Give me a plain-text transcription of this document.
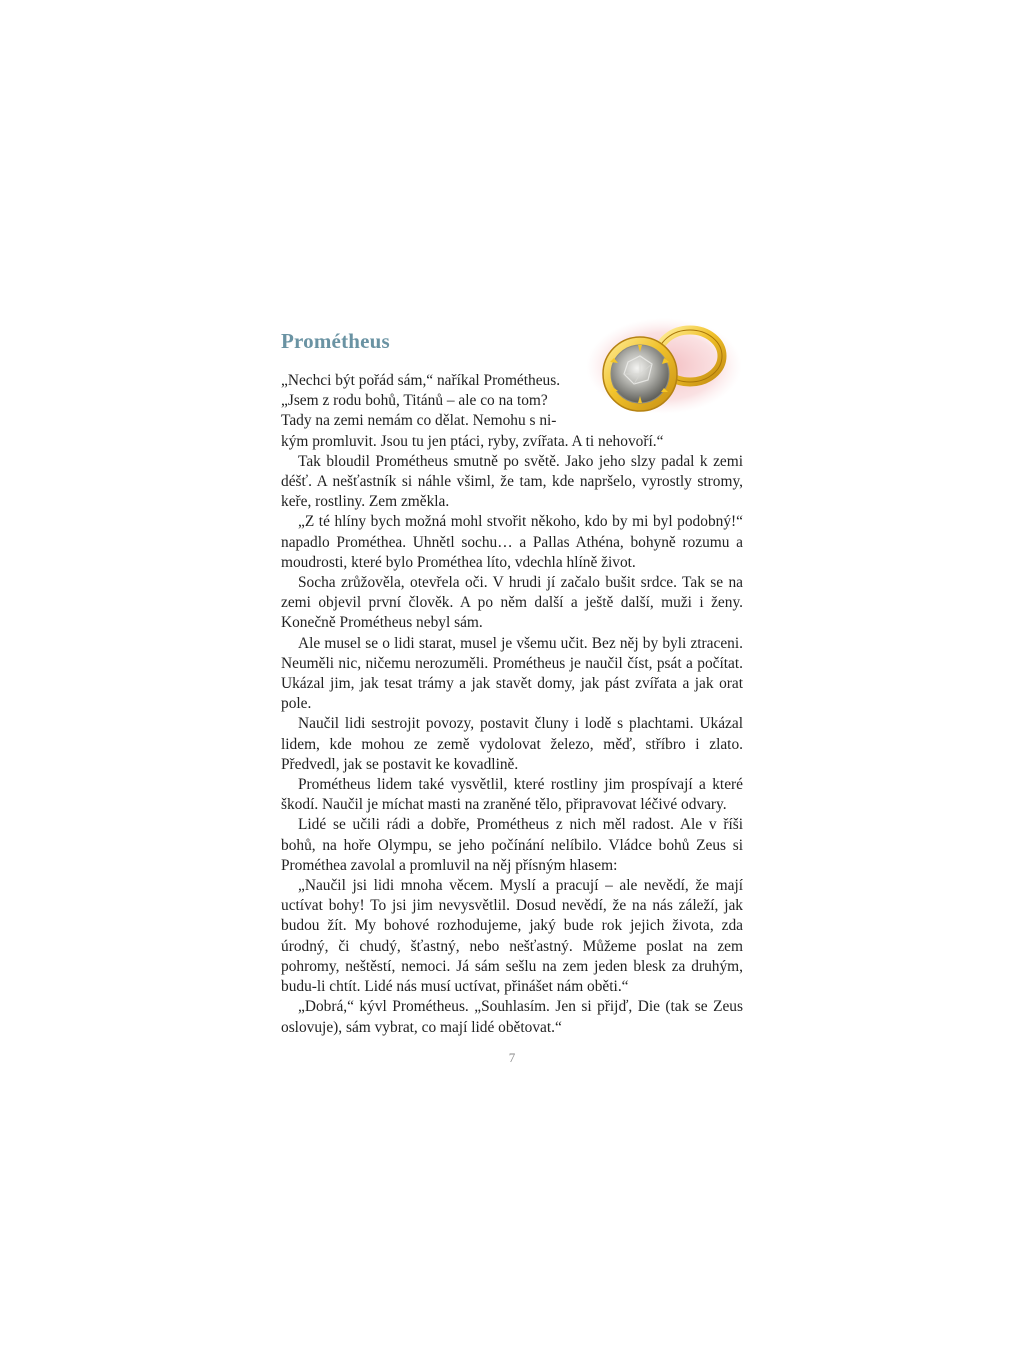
Prométheus

„Nechci být pořád sám,“ naříkal Prométheus.
„Jsem z rodu bohů, Titánů – ale co na tom?
Tady na zemi nemám co dělat. Nemohu s ni-
kým promluvit. Jsou tu jen ptáci, ryby, zvířata. A ti nehovoří.“

Tak bloudil Prométheus smutně po světě. Jako jeho slzy padal k zemi déšť. A nešťastník si náhle všiml, že tam, kde napršelo, vyrostly stromy, keře, rostliny. Zem změkla.

„Z té hlíny bych možná mohl stvořit někoho, kdo by mi byl podobný!“ napadlo Prométhea. Uhnětl sochu… a Pallas Athéna, bohyně rozumu a moudrosti, které bylo Prométhea líto, vdechla hlíně život.

Socha zrůžověla, otevřela oči. V hrudi jí začalo bušit srdce. Tak se na zemi objevil první člověk. A po něm další a ještě další, muži i ženy. Konečně Prométheus nebyl sám.

Ale musel se o lidi starat, musel je všemu učit. Bez něj by byli ztraceni. Neuměli nic, ničemu nerozuměli. Prométheus je naučil číst, psát a počítat. Ukázal jim, jak tesat trámy a jak stavět domy, jak pást zvířata a jak orat pole.

Naučil lidi sestrojit povozy, postavit čluny i lodě s plachtami. Ukázal lidem, kde mohou ze země vydolovat železo, měď, stříbro i zlato. Předvedl, jak se postavit ke kovadlině.

Prométheus lidem také vysvětlil, které rostliny jim prospívají a které škodí. Naučil je míchat masti na zraněné tělo, připravovat léčivé odvary.

Lidé se učili rádi a dobře, Prométheus z nich měl radost. Ale v říši bohů, na hoře Olympu, se jeho počínání nelíbilo. Vládce bohů Zeus si Prométhea zavolal a promluvil na něj přísným hlasem:

„Naučil jsi lidi mnoha věcem. Myslí a pracují – ale nevědí, že mají uctívat bohy! To jsi jim nevysvětlil. Dosud nevědí, že na nás záleží, jak budou žít. My bohové rozhodujeme, jaký bude rok jejich života, zda úrodný, či chudý, šťastný, nebo nešťastný. Můžeme poslat na zem pohromy, neštěstí, nemoci. Já sám sešlu na zem jeden blesk za druhým, budu-li chtít. Lidé nás musí uctívat, přinášet nám oběti.“

„Dobrá,“ kývl Prométheus. „Souhlasím. Jen si přijď, Die (tak se Zeus oslovuje), sám vybrat, co mají lidé obětovat.“

7
